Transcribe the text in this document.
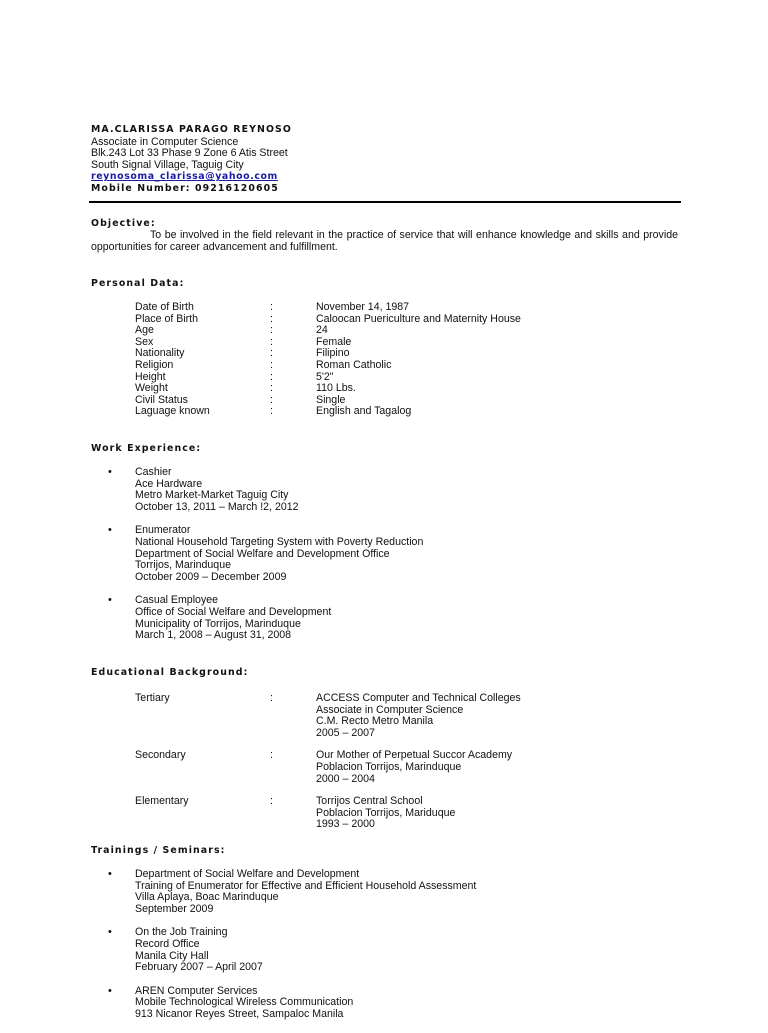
MA.CLARISSA PARAGO REYNOSO
Associate in Computer Science
Blk.243 Lot 33 Phase 9 Zone 6 Atis Street
South Signal Village, Taguig City
reynosoma_clarissa@yahoo.com
Mobile Number: 09216120605
Objective:
To be involved in the field relevant in the practice of service that will enhance knowledge and skills and provide opportunities for career advancement and fulfillment.
Personal Data:
Date of Birth	:	November 14, 1987
Place of Birth	:	Caloocan Puericulture and Maternity House
Age	:	24
Sex	:	Female
Nationality	:	Filipino
Religion	:	Roman Catholic
Height	:	5'2"
Weight	:	110 Lbs.
Civil Status	:	Single
Laguage known	:	English and Tagalog
Work Experience:
• Cashier
Ace Hardware
Metro Market-Market Taguig City
October 13, 2011 – March !2, 2012
• Enumerator
National Household Targeting System with Poverty Reduction
Department of Social Welfare and Development Office
Torrijos, Marinduque
October 2009 – December 2009
• Casual Employee
Office of Social Welfare and Development
Municipality of Torrijos, Marinduque
March 1, 2008 – August 31, 2008
Educational Background:
Tertiary	:	ACCESS Computer and Technical Colleges
Associate in Computer Science
C.M. Recto Metro Manila
2005 – 2007
Secondary	:	Our Mother of Perpetual Succor Academy
Poblacion Torrijos, Marinduque
2000 – 2004
Elementary	:	Torrijos Central School
Poblacion Torrijos, Mariduque
1993 – 2000
Trainings / Seminars:
• Department of Social Welfare and Development
Training of Enumerator for Effective and Efficient Household Assessment
Villa Aplaya, Boac Marinduque
September 2009
• On the Job Training
Record Office
Manila City Hall
February 2007 – April 2007
• AREN Computer Services
Mobile Technological Wireless Communication
913 Nicanor Reyes Street, Sampaloc Manila
